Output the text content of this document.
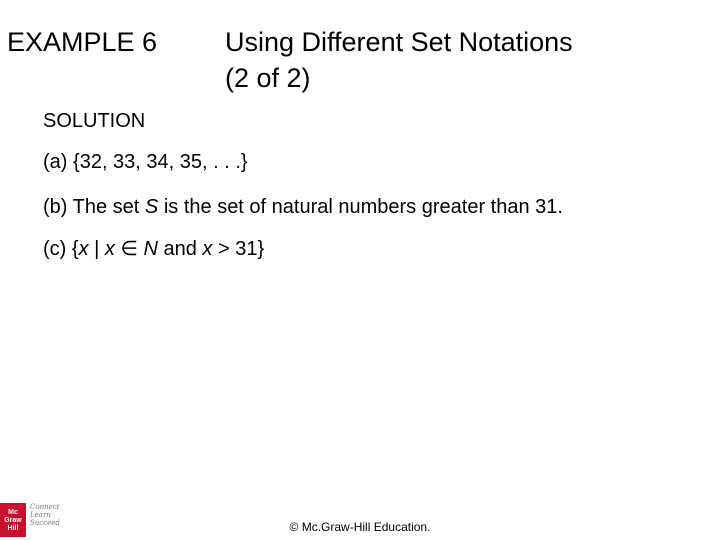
EXAMPLE 6	Using Different Set Notations
(2 of 2)
SOLUTION
(a) {32, 33, 34, 35, . . .}
(b) The set S is the set of natural numbers greater than 31.
(c) {x | x ∈ N and x > 31}
Mc
Graw
Hill
Connect
Learn
Succeed	© Mc.Graw-Hill Education.
